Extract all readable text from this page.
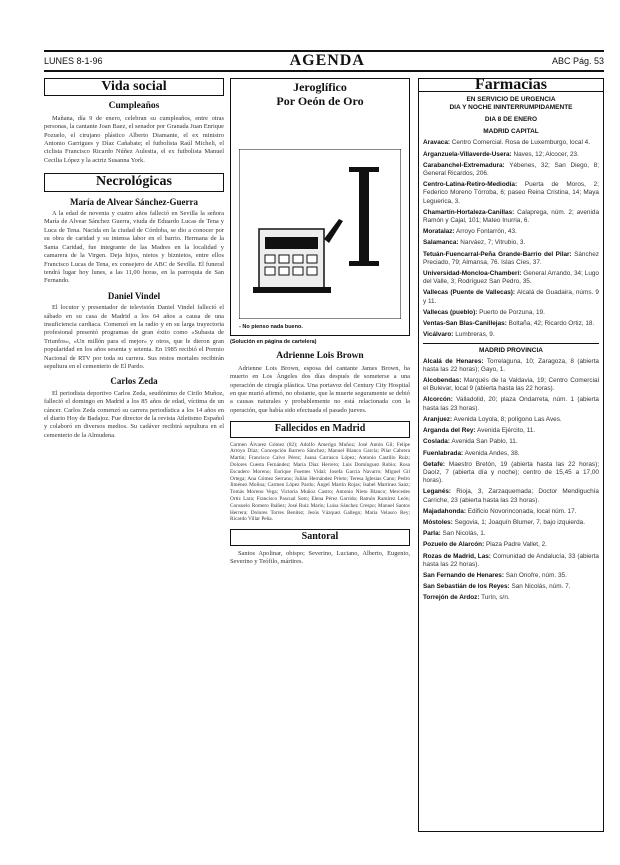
LUNES 8-1-96	AGENDA	ABC Pág. 53
Vida social
Cumpleaños

Mañana, día 9 de enero, celebran su cumpleaños, entre otras personas, la cantante Joan Baez, el senador por Granada Juan Enrique Pozuelo, el cirujano plástico Alberto Diamante, el ex ministro Antonio Garrigues y Díaz Cañabate; el futbolista Raúl Micheli, el ciclista Francisco Ricardo Núñez Aulestia, el ex futbolista Manuel Cecilia López y la actriz Susanna York.

Necrológicas
María de Alvear Sánchez-Guerra

A la edad de noventa y cuatro años falleció en Sevilla la señora María de Alvear Sánchez Guerra, viuda de Eduardo Lucas de Tena y Luca de Tena. Nacida en la ciudad de Córdoba, se dio a conocer por su obra de caridad y su intensa labor en el barrio. Hermana de la Santa Caridad, fue integrante de las Madres en la localidad y camarera de la Virgen. Deja hijos, nietos y biznietos, entre ellos Francisco Lucas de Tena, ex consejero de ABC de Sevilla. El funeral tendrá lugar hoy lunes, a las 11,00 horas, en la parroquia de San Fernando.

Daniel Vindel

El locutor y presentador de televisión Daniel Vindel falleció el sábado en su casa de Madrid a los 64 años a causa de una insuficiencia cardiaca. Comenzó en la radio y en su larga trayectoria profesional presentó programas de gran éxito como «Subasta de Triunfos», «Un millón para el mejor» y otros, que le dieron gran popularidad en los años sesenta y setenta. En 1985 recibió el Premio Nacional de RTV por toda su carrera. Sus restos mortales recibirán sepultura en el cementerio de El Pardo.

Carlos Zeda

El periodista deportivo Carlos Zeda, seudónimo de Cirilo Muñoz, falleció el domingo en Madrid a los 85 años de edad, víctima de un cáncer. Carlos Zeda comenzó su carrera periodística a los 14 años en el diario Hoy de Badajoz. Fue director de la revista Atletismo Español y colaboró en diversos medios. Su cadáver recibirá sepultura en el cementerio de la Almudena.

Jeroglífico
Por Oeón de Oro
- No pienso nada bueno.
(Solución en página de cartelera)
Adrienne Lois Brown

Adrienne Lois Brown, esposa del cantante James Brown, ha muerto en Los Ángeles dos días después de someterse a una operación de cirugía plástica. Una portavoz del Century City Hospital en que murió afirmó, no obstante, que la muerte seguramente se debió a causas naturales y probablemente no está relacionada con la operación, que había sido efectuada el pasado jueves.

Fallecidos en Madrid

Carmen Álvarez Gómez (82); Adolfo Amerigo Muñoz; José Antón Gil; Felipe Arroyo Díaz; Concepción Barrero Sánchez; Manuel Blanco García; Pilar Cabrera Martín; Francisco Calvo Pérez; Juana Carrasco López; Antonio Castillo Ruiz; Dolores Cuesta Fernández; María Díaz Herrero; Luis Domínguez Rubio; Rosa Escudero Moreno; Enrique Fuentes Vidal; Josefa García Navarro; Miguel Gil Ortega; Ana Gómez Serrano; Julián Hernández Prieto; Teresa Iglesias Cano; Pedro Jiménez Molina; Carmen López Pardo; Ángel Martín Rojas; Isabel Martínez Sanz; Tomás Moreno Vega; Victoria Muñoz Castro; Antonio Nieto Blanco; Mercedes Ortiz Lara; Francisco Pascual Soto; Elena Pérez Garrido; Ramón Ramírez León; Consuelo Romero Ibáñez; José Ruiz Marín; Luisa Sánchez Crespo; Manuel Santos Herrera; Dolores Torres Benítez; Jesús Vázquez Gallego; María Velasco Rey; Ricardo Villar Peña.

Santoral

Santos Apolinar, obispo; Severino, Luciano, Alberto, Eugenio, Severino y Teófilo, mártires.

Farmacias
EN SERVICIO DE URGENCIA
DIA Y NOCHE ININTERRUMPIDAMENTE
DIA 8 DE ENERO
MADRID CAPITAL

Aravaca: Centro Comercial. Rosa de Luxemburgo, local 4.

Arganzuela-Villaverde-Usera: Naves, 12; Alcocer, 23.

Carabanchel-Extremadura: Yébenes, 32; San Diego, 8; General Ricardos, 206.

Centro-Latina-Retiro-Mediodía: Puerta de Moros, 2; Federico Moreno Tórroba, 6; paseo Reina Cristina, 14; Maya Leguerica, 3.

Chamartín-Hortaleza-Canillas: Calaprega, núm. 2; avenida Ramón y Cajal, 101; Mateo Inurria, 6.

Moratalaz: Arroyo Fontarrón, 43.

Salamanca: Narváez, 7; Vitrubio, 3.

Tetuán-Fuencarral-Peña Grande-Barrio del Pilar: Sánchez Preciado, 79; Almansa, 76. Islas Cíes, 37.

Universidad-Moncloa-Chamberí: General Arrando, 34; Lugo del Valle, 3; Rodríguez San Pedro, 35.

Vallecas (Puente de Vallecas): Alcalá de Guadaira, núms. 9 y 11.

Vallecas (pueblo): Puerto de Porzuna, 19.

Ventas-San Blas-Canillejas: Boltaña, 42; Ricardo Ortiz, 18.

Vicálvaro: Lumbreras, 9.

MADRID PROVINCIA

Alcalá de Henares: Torrelaguna, 10; Zaragoza, 8 (abierta hasta las 22 horas); Gayo, 1.

Alcobendas: Marqués de la Valdavia, 19; Centro Comercial el Bulevar, local 9 (abierta hasta las 22 horas).

Alcorcón: Valladolid, 20; plaza Ondarreta, núm. 1 (abierta hasta las 23 horas).

Aranjuez: Avenida Loyola, 8; polígono Las Aves.

Arganda del Rey: Avenida Ejército, 11.

Coslada: Avenida San Pablo, 11.

Fuenlabrada: Avenida Andes, 38.

Getafe: Maestro Bretón, 19 (abierta hasta las 22 horas); Daoíz, 7 (abierta día y noche); centro de 15,45 a 17,00 horas).

Leganés: Rioja, 3, Zarzaquemada; Doctor Mendiguchía Carriche, 23 (abierta hasta las 23 horas).

Majadahonda: Edificio Novorinconada, local núm. 17.

Móstoles: Segovia, 1; Joaquín Blumer, 7, bajo izquierda.

Parla: San Nicolás, 1.

Pozuelo de Alarcón: Plaza Padre Vallet, 2.

Rozas de Madrid, Las: Comunidad de Andalucía, 33 (abierta hasta las 22 horas).

San Fernando de Henares: San Onofre, núm. 35.

San Sebastián de los Reyes: San Nicolás, núm. 7.

Torrejón de Ardoz: Turín, s/n.
